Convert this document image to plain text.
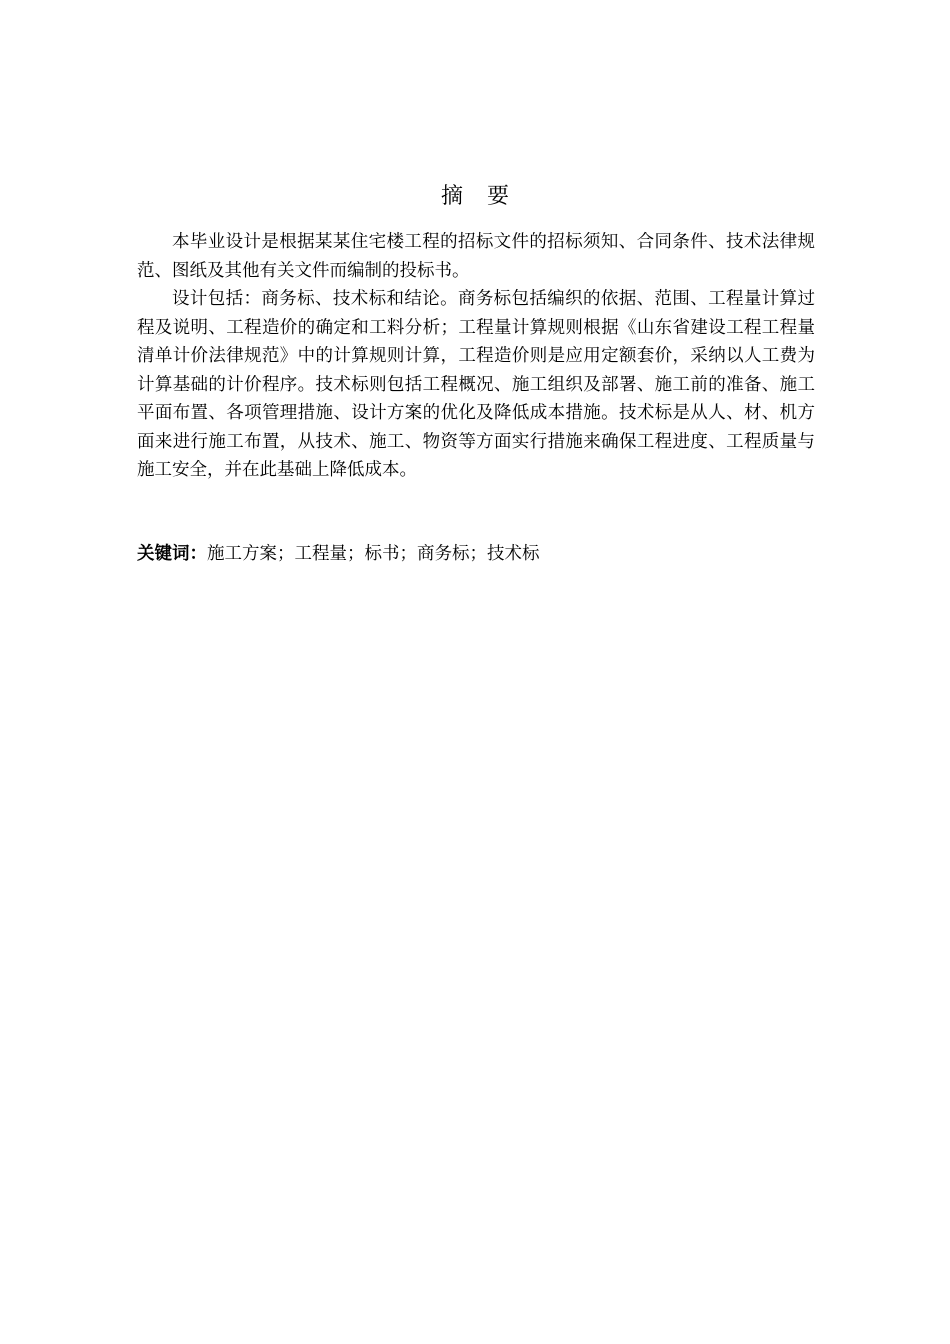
摘 要

本毕业设计是根据某某住宅楼工程的招标文件的招标须知、合同条件、技术法律规范、图纸及其他有关文件而编制的投标书。

设计包括：商务标、技术标和结论。商务标包括编织的依据、范围、工程量计算过程及说明、工程造价的确定和工料分析；工程量计算规则根据《山东省建设工程工程量清单计价法律规范》中的计算规则计算，工程造价则是应用定额套价，采纳以人工费为计算基础的计价程序。技术标则包括工程概况、施工组织及部署、施工前的准备、施工平面布置、各项管理措施、设计方案的优化及降低成本措施。技术标是从人、材、机方面来进行施工布置，从技术、施工、物资等方面实行措施来确保工程进度、工程质量与施工安全，并在此基础上降低成本。

关键词：施工方案；工程量；标书；商务标；技术标
